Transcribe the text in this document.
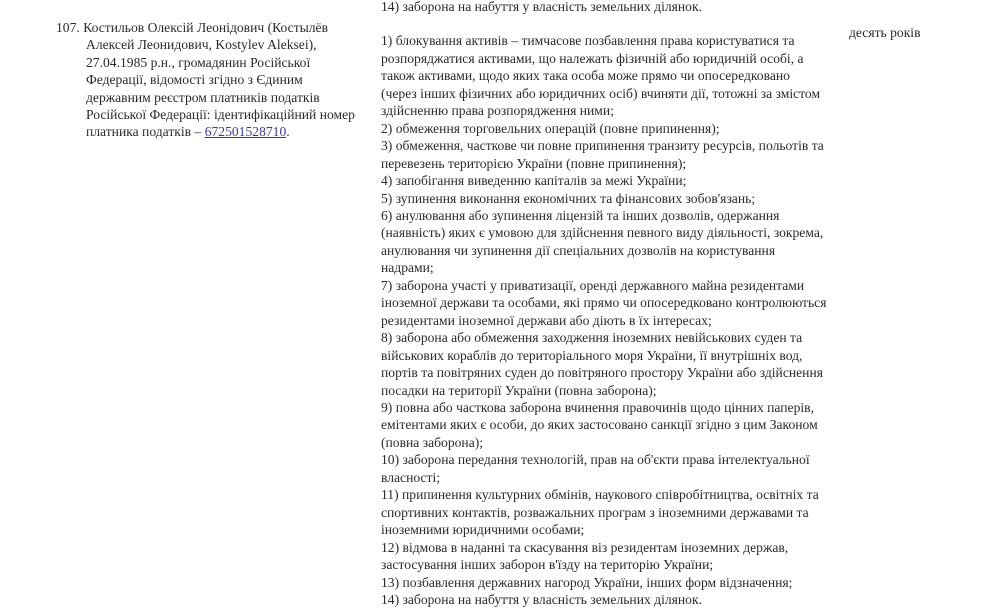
107. Костильов Олексій Леонідович (Костылёв Алексей Леонидович, Kostylev Aleksei), 27.04.1985 р.н., громадянин Російської Федерації, відомості згідно з Єдиним державним реєстром платників податків Російської Федерації: ідентифікаційний номер платника податків – 672501528710.
14) заборона на набуття у власність земельних ділянок.
1) блокування активів – тимчасове позбавлення права користуватися та розпоряджатися активами, що належать фізичній або юридичній особі, а також активами, щодо яких така особа може прямо чи опосередковано (через інших фізичних або юридичних осіб) вчиняти дії, тотожні за змістом здійсненню права розпорядження ними;
2) обмеження торговельних операцій (повне припинення);
3) обмеження, часткове чи повне припинення транзиту ресурсів, польотів та перевезень територією України (повне припинення);
4) запобігання виведенню капіталів за межі України;
5) зупинення виконання економічних та фінансових зобов'язань;
6) анулювання або зупинення ліцензій та інших дозволів, одержання (наявність) яких є умовою для здійснення певного виду діяльності, зокрема, анулювання чи зупинення дії спеціальних дозволів на користування надрами;
7) заборона участі у приватизації, оренді державного майна резидентами іноземної держави та особами, які прямо чи опосередковано контролюються резидентами іноземної держави або діють в їх інтересах;
8) заборона або обмеження заходження іноземних невійськових суден та військових кораблів до територіального моря України, її внутрішніх вод, портів та повітряних суден до повітряного простору України або здійснення посадки на території України (повна заборона);
9) повна або часткова заборона вчинення правочинів щодо цінних паперів, емітентами яких є особи, до яких застосовано санкції згідно з цим Законом (повна заборона);
10) заборона передання технологій, прав на об'єкти права інтелектуальної власності;
11) припинення культурних обмінів, наукового співробітництва, освітніх та спортивних контактів, розважальних програм з іноземними державами та іноземними юридичними особами;
12) відмова в наданні та скасування віз резидентам іноземних держав, застосування інших заборон в'їзду на територію України;
13) позбавлення державних нагород України, інших форм відзначення;
14) заборона на набуття у власність земельних ділянок.
десять років
